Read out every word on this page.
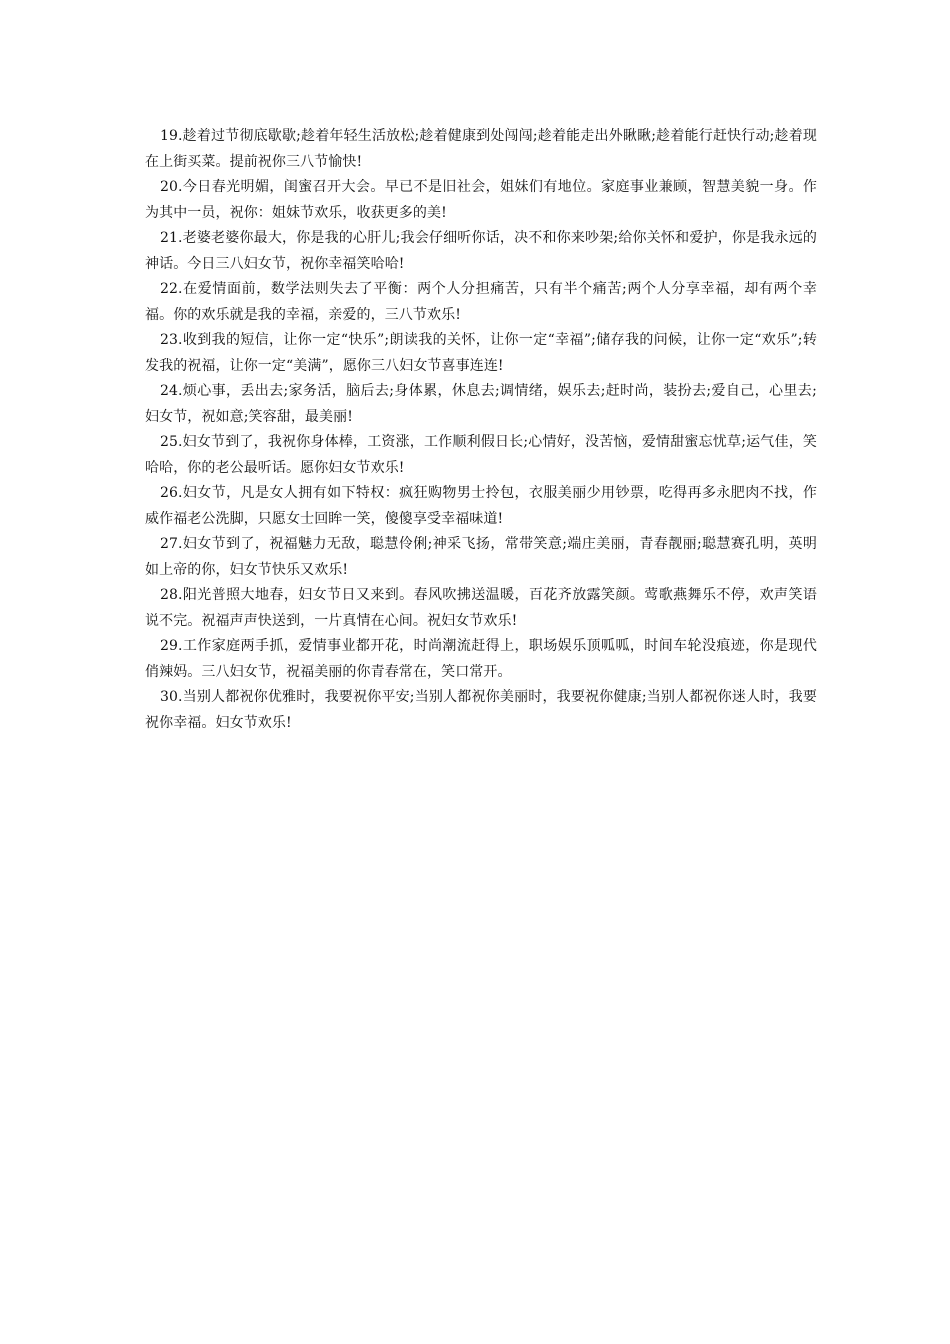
19.趁着过节彻底歇歇;趁着年轻生活放松;趁着健康到处闯闯;趁着能走出外瞅瞅;趁着能行赶快行动;趁着现在上街买菜。提前祝你三八节愉快!

20.今日春光明媚，闺蜜召开大会。早已不是旧社会，姐妹们有地位。家庭事业兼顾，智慧美貌一身。作为其中一员，祝你：姐妹节欢乐，收获更多的美!

21.老婆老婆你最大，你是我的心肝儿;我会仔细听你话，决不和你来吵架;给你关怀和爱护，你是我永远的神话。今日三八妇女节，祝你幸福笑哈哈!

22.在爱情面前，数学法则失去了平衡：两个人分担痛苦，只有半个痛苦;两个人分享幸福，却有两个幸福。你的欢乐就是我的幸福，亲爱的，三八节欢乐!

23.收到我的短信，让你一定“快乐”;朗读我的关怀，让你一定“幸福”;储存我的问候，让你一定“欢乐”;转发我的祝福，让你一定“美满”，愿你三八妇女节喜事连连!

24.烦心事，丢出去;家务活，脑后去;身体累，休息去;调情绪，娱乐去;赶时尚，装扮去;爱自己，心里去;妇女节，祝如意;笑容甜，最美丽!

25.妇女节到了，我祝你身体棒，工资涨，工作顺利假日长;心情好，没苦恼，爱情甜蜜忘忧草;运气佳，笑哈哈，你的老公最听话。愿你妇女节欢乐!

26.妇女节，凡是女人拥有如下特权：疯狂购物男士拎包，衣服美丽少用钞票，吃得再多永肥肉不找，作威作福老公洗脚，只愿女士回眸一笑，傻傻享受幸福味道!

27.妇女节到了，祝福魅力无敌，聪慧伶俐;神采飞扬，常带笑意;端庄美丽，青春靓丽;聪慧赛孔明，英明如上帝的你，妇女节快乐又欢乐!

28.阳光普照大地春，妇女节日又来到。春风吹拂送温暖，百花齐放露笑颜。莺歌燕舞乐不停，欢声笑语说不完。祝福声声快送到，一片真情在心间。祝妇女节欢乐!

29.工作家庭两手抓，爱情事业都开花，时尚潮流赶得上，职场娱乐顶呱呱，时间车轮没痕迹，你是现代俏辣妈。三八妇女节，祝福美丽的你青春常在，笑口常开。

30.当别人都祝你优雅时，我要祝你平安;当别人都祝你美丽时，我要祝你健康;当别人都祝你迷人时，我要祝你幸福。妇女节欢乐!
